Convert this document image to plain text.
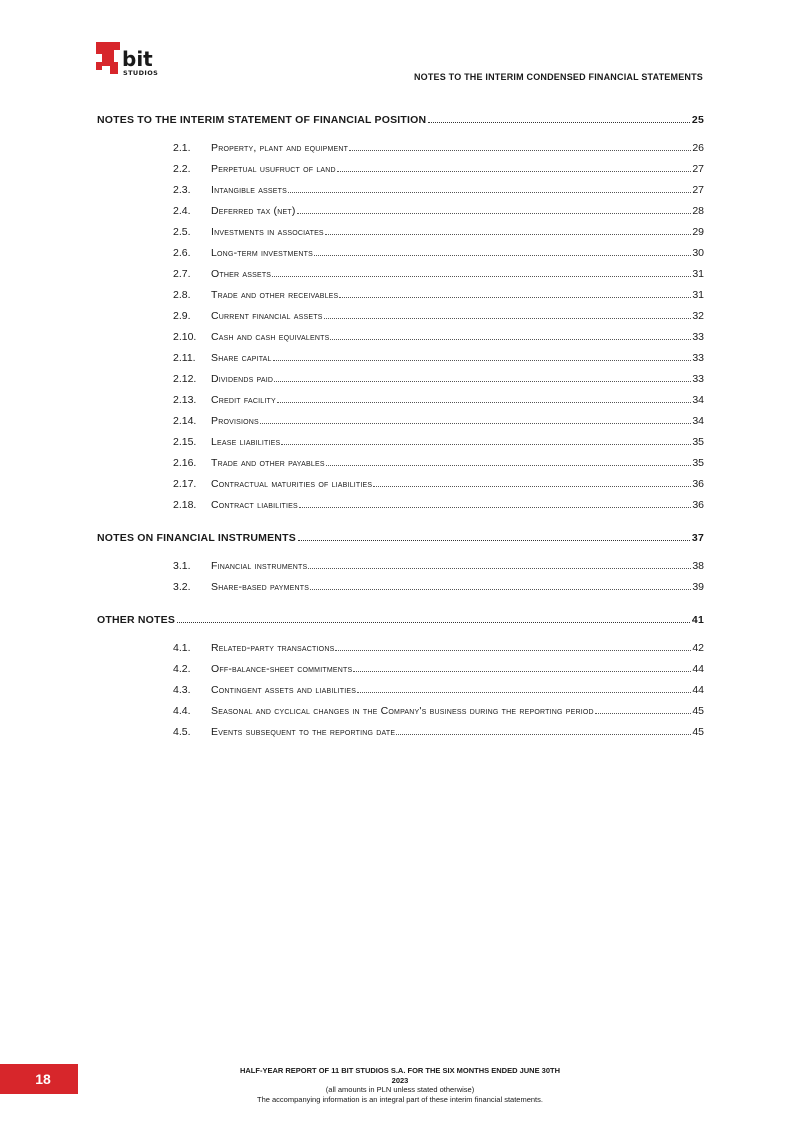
bit
STUDIOS	NOTES TO THE INTERIM CONDENSED FINANCIAL STATEMENTS
NOTES TO THE INTERIM STATEMENT OF FINANCIAL POSITION	25
2.1.	Property, plant and equipment	26
2.2.	Perpetual usufruct of land	27
2.3.	Intangible assets	27
2.4.	Deferred tax (net)	28
2.5.	Investments in associates	29
2.6.	Long-term investments	30
2.7.	Other assets	31
2.8.	Trade and other receivables	31
2.9.	Current financial assets	32
2.10.	Cash and cash equivalents	33
2.11.	Share capital	33
2.12.	Dividends paid	33
2.13.	Credit facility	34
2.14.	Provisions	34
2.15.	Lease liabilities	35
2.16.	Trade and other payables	35
2.17.	Contractual maturities of liabilities	36
2.18.	Contract liabilities	36
NOTES ON FINANCIAL INSTRUMENTS	37
3.1.	Financial instruments	38
3.2.	Share-based payments	39
OTHER NOTES	41
4.1.	Related-party transactions	42
4.2.	Off-balance-sheet commitments	44
4.3.	Contingent assets and liabilities	44
4.4.	Seasonal and cyclical changes in the Company's business during the reporting period	45
4.5.	Events subsequent to the reporting date	45
18
HALF-YEAR REPORT OF 11 BIT STUDIOS S.A. FOR THE SIX MONTHS ENDED JUNE 30TH
2023
(all amounts in PLN unless stated otherwise)
The accompanying information is an integral part of these interim financial statements.
